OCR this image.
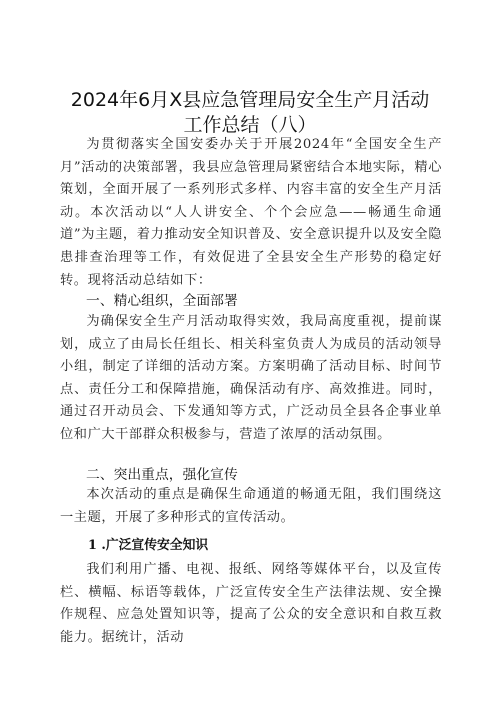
2024年6月X县应急管理局安全生产月活动
工作总结（八）
为贯彻落实全国安委办关于开展2024年“全国安全生产月”活动的决策部署，我县应急管理局紧密结合本地实际，精心策划，全面开展了一系列形式多样、内容丰富的安全生产月活动。本次活动以“人人讲安全、个个会应急——畅通生命通道”为主题，着力推动安全知识普及、安全意识提升以及安全隐患排查治理等工作，有效促进了全县安全生产形势的稳定好转。现将活动总结如下：
一、精心组织，全面部署
为确保安全生产月活动取得实效，我局高度重视，提前谋划，成立了由局长任组长、相关科室负责人为成员的活动领导小组，制定了详细的活动方案。方案明确了活动目标、时间节点、责任分工和保障措施，确保活动有序、高效推进。同时，通过召开动员会、下发通知等方式，广泛动员全县各企事业单位和广大干部群众积极参与，营造了浓厚的活动氛围。
二、突出重点，强化宣传
本次活动的重点是确保生命通道的畅通无阻，我们围绕这一主题，开展了多种形式的宣传活动。
1 .广泛宣传安全知识
我们利用广播、电视、报纸、网络等媒体平台，以及宣传栏、横幅、标语等载体，广泛宣传安全生产法律法规、安全操作规程、应急处置知识等，提高了公众的安全意识和自救互救能力。据统计，活动
